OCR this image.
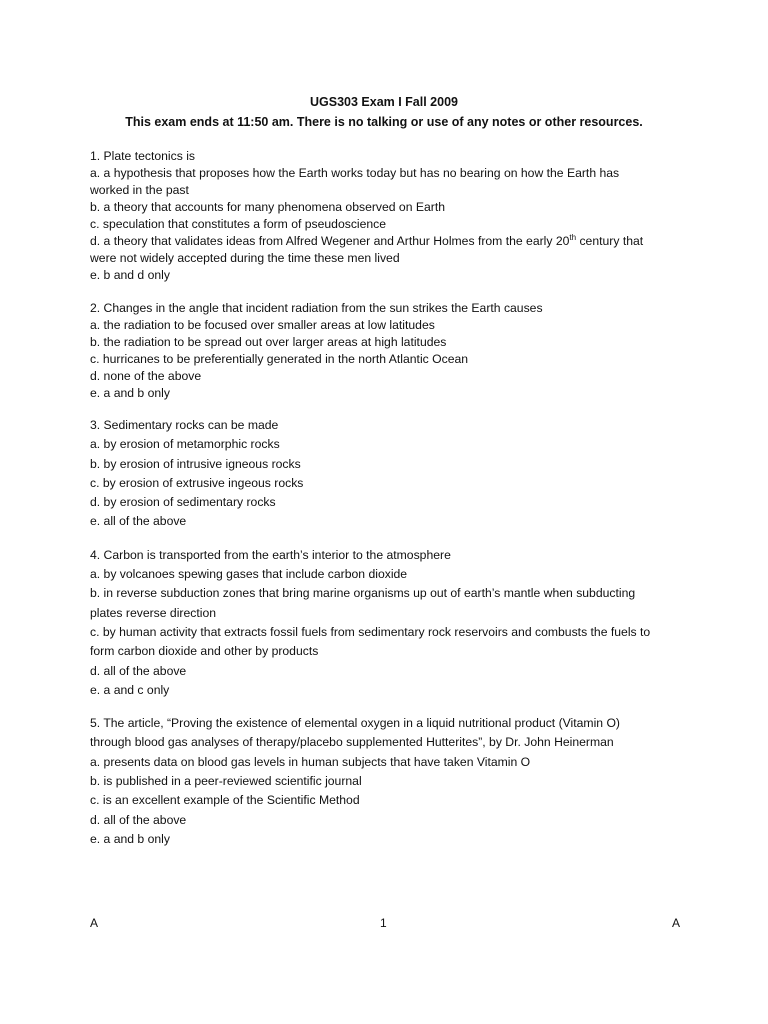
UGS303 Exam I Fall 2009
This exam ends at 11:50 am. There is no talking or use of any notes or other resources.
1. Plate tectonics is
a. a hypothesis that proposes how the Earth works today but has no bearing on how the Earth has
worked in the past
b. a theory that accounts for many phenomena observed on Earth
c. speculation that constitutes a form of pseudoscience
d. a theory that validates ideas from Alfred Wegener and Arthur Holmes from the early 20th century that
were not widely accepted during the time these men lived
e. b and d only
2. Changes in the angle that incident radiation from the sun strikes the Earth causes
a. the radiation to be focused over smaller areas at low latitudes
b. the radiation to be spread out over larger areas at high latitudes
c. hurricanes to be preferentially generated in the north Atlantic Ocean
d. none of the above
e. a and b only
3. Sedimentary rocks can be made
a. by erosion of metamorphic rocks
b. by erosion of intrusive igneous rocks
c. by erosion of extrusive ingeous rocks
d. by erosion of sedimentary rocks
e. all of the above
4. Carbon is transported from the earth’s interior to the atmosphere
a. by volcanoes spewing gases that include carbon dioxide
b. in reverse subduction zones that bring marine organisms up out of earth’s mantle when subducting
plates reverse direction
c. by human activity that extracts fossil fuels from sedimentary rock reservoirs and combusts the fuels to
form carbon dioxide and other by products
d. all of the above
e. a and c only
5. The article, “Proving the existence of elemental oxygen in a liquid nutritional product (Vitamin O)
through blood gas analyses of therapy/placebo supplemented Hutterites”, by Dr. John Heinerman
a. presents data on blood gas levels in human subjects that have taken Vitamin O
b. is published in a peer-reviewed scientific journal
c. is an excellent example of the Scientific Method
d. all of the above
e. a and b only
A	1	A
